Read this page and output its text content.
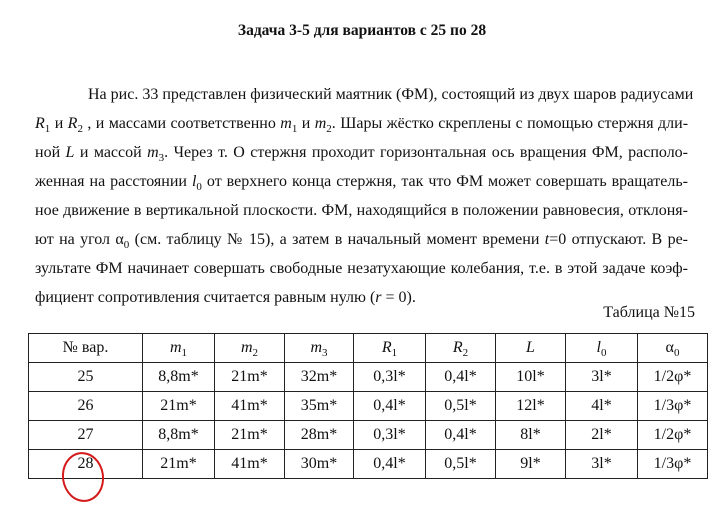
Задача 3-5 для вариантов с 25 по 28
На рис. 33 представлен физический маятник (ФМ), состоящий из двух шаров радиусами
$R_1$ и $R_2$ , и массами соответственно $m_1$ и $m_2$. Шары жёстко скреплены с помощью стержня дли-
ной L и массой $m_3$. Через т. О стержня проходит горизонтальная ось вращения ФМ, располо-
женная на расстоянии $l_0$ от верхнего конца стержня, так что ФМ может совершать вращатель-
ное движение в вертикальной плоскости. ФМ, находящийся в положении равновесия, отклоня-
ют на угол $\alpha_0$ (см. таблицу № 15), а затем в начальный момент времени t=0 отпускают. В ре-
зультате ФМ начинает совершать свободные незатухающие колебания, т.е. в этой задаче коэф-
фициент сопротивления считается равным нулю (r = 0).
Таблица №15
№ вар.	$m_1$	$m_2$	$m_3$	$R_1$	$R_2$	L	$l_0$	$\alpha_0$
25	8,8m*	21m*	32m*	0,3l*	0,4l*	10l*	3l*	1/2φ*
26	21m*	41m*	35m*	0,4l*	0,5l*	12l*	4l*	1/3φ*
27	8,8m*	21m*	28m*	0,3l*	0,4l*	8l*	2l*	1/2φ*
28	21m*	41m*	30m*	0,4l*	0,5l*	9l*	3l*	1/3φ*
